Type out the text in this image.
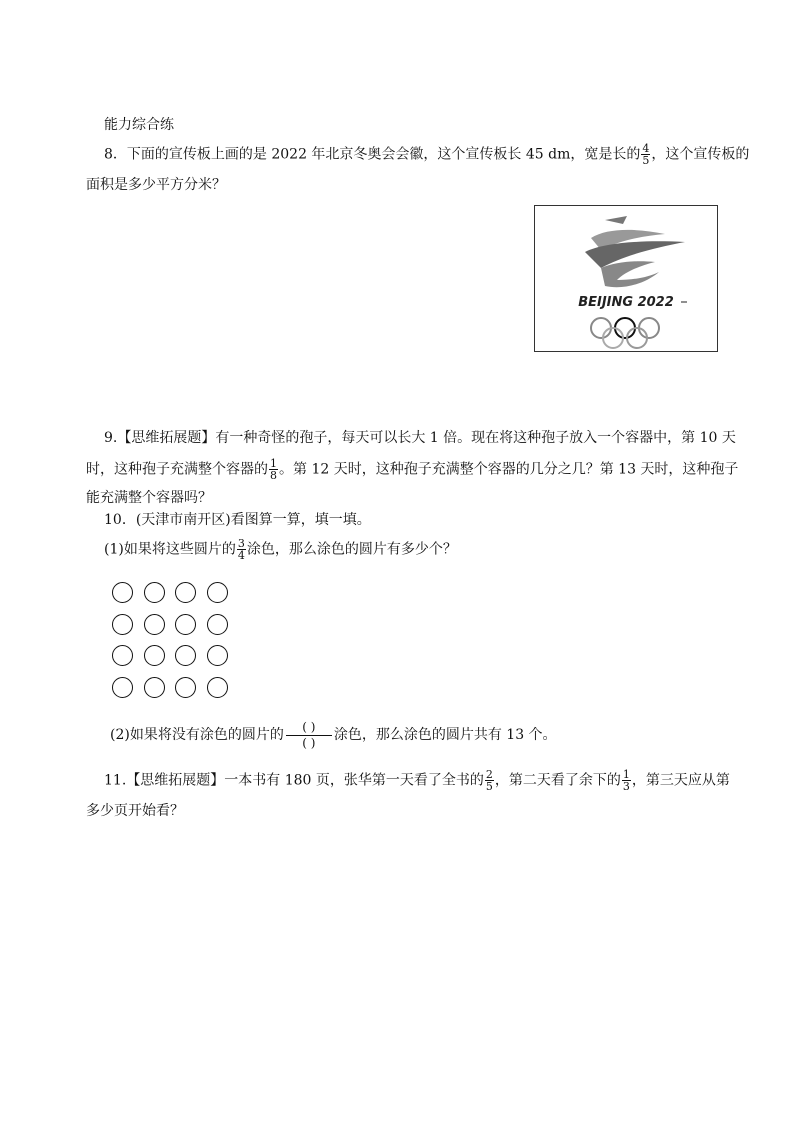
能力综合练
8．下面的宣传板上画的是 2022 年北京冬奥会会徽，这个宣传板长 45 dm，宽是长的 $\frac{4}{5}$ ，这个宣传板的
面积是多少平方分米？
BEIJING 2022
9.【思维拓展题】有一种奇怪的孢子，每天可以长大 1 倍。现在将这种孢子放入一个容器中，第 10 天
时，这种孢子充满整个容器的 $\frac{1}{8}$ 。第 12 天时，这种孢子充满整个容器的几分之几？第 13 天时，这种孢子
能充满整个容器吗？
10．(天津市南开区)看图算一算，填一填。
(1)如果将这些圆片的 $\frac{3}{4}$ 涂色，那么涂色的圆片有多少个？
(2)如果将没有涂色的圆片的 $\frac{( )}{( )}$ 涂色，那么涂色的圆片共有 13 个。
11.【思维拓展题】一本书有 180 页，张华第一天看了全书的 $\frac{2}{5}$ ，第二天看了余下的 $\frac{1}{3}$ ，第三天应从第
多少页开始看？
